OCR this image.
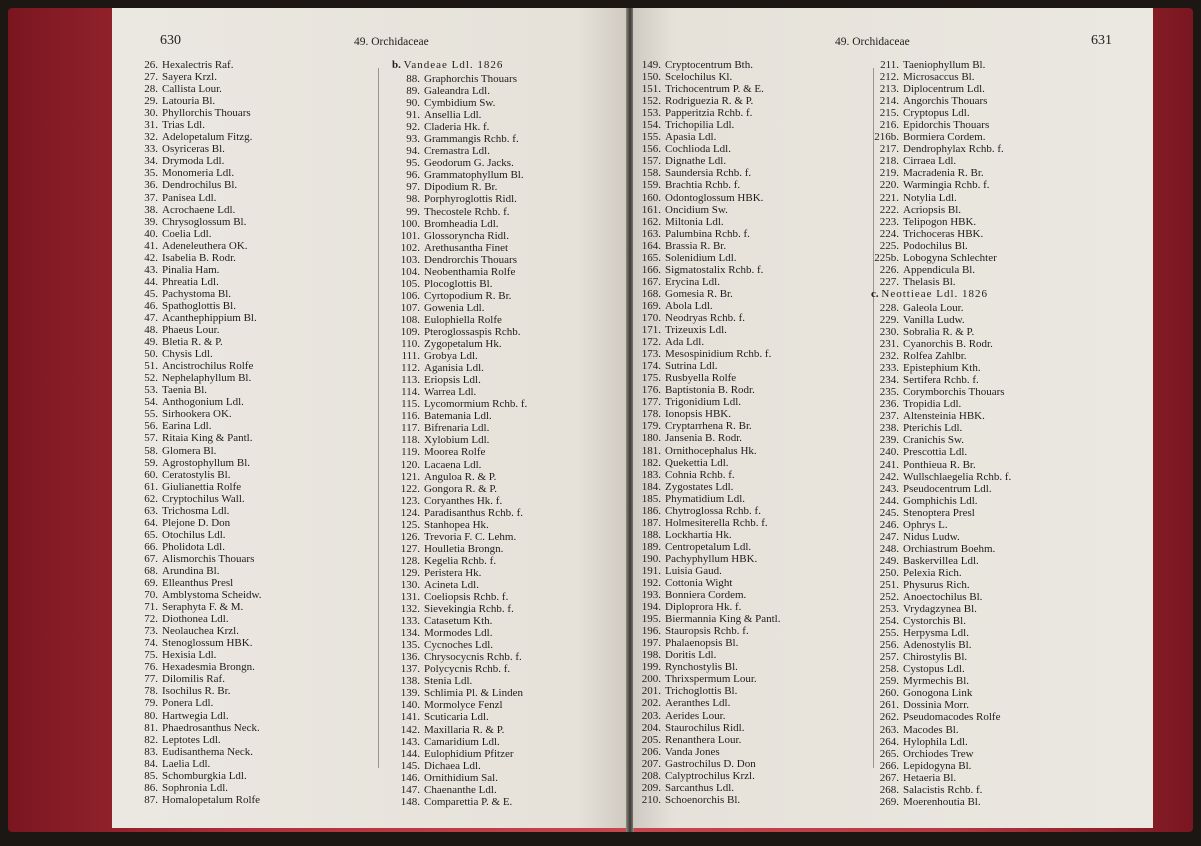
630	49. Orchidaceae
26. Hexalectris Raf.
27. Sayera Krzl.
28. Callista Lour.
29. Latouria Bl.
30. Phyllorchis Thouars
31. Trias Ldl.
32. Adelopetalum Fitzg.
33. Osyriceras Bl.
34. Drymoda Ldl.
35. Monomeria Ldl.
36. Dendrochilus Bl.
37. Panisea Ldl.
38. Acrochaene Ldl.
39. Chrysoglossum Bl.
40. Coelia Ldl.
41. Adeneleuthera OK.
42. Isabelia B. Rodr.
43. Pinalia Ham.
44. Phreatia Ldl.
45. Pachystoma Bl.
46. Spathoglottis Bl.
47. Acanthephippium Bl.
48. Phaeus Lour.
49. Bletia R. & P.
50. Chysis Ldl.
51. Ancistrochilus Rolfe
52. Nephelaphyllum Bl.
53. Taenia Bl.
54. Anthogonium Ldl.
55. Sirhookera OK.
56. Earina Ldl.
57. Ritaia King & Pantl.
58. Glomera Bl.
59. Agrostophyllum Bl.
60. Ceratostylis Bl.
61. Giulianettia Rolfe
62. Cryptochilus Wall.
63. Trichosma Ldl.
64. Plejone D. Don
65. Otochilus Ldl.
66. Pholidota Ldl.
67. Alismorchis Thouars
68. Arundina Bl.
69. Elleanthus Presl
70. Amblystoma Scheidw.
71. Seraphyta F. & M.
72. Diothonea Ldl.
73. Neolauchea Krzl.
74. Stenoglossum HBK.
75. Hexisia Ldl.
76. Hexadesmia Brongn.
77. Dilomilis Raf.
78. Isochilus R. Br.
79. Ponera Ldl.
80. Hartwegia Ldl.
81. Phaedrosanthus Neck.
82. Leptotes Ldl.
83. Eudisanthema Neck.
84. Laelia Ldl.
85. Schomburgkia Ldl.
86. Sophronia Ldl.
87. Homalopetalum Rolfe
b. Vandeae Ldl. 1826
88. Graphorchis Thouars
89. Galeandra Ldl.
90. Cymbidium Sw.
91. Ansellia Ldl.
92. Claderia Hk. f.
93. Grammangis Rchb. f.
94. Cremastra Ldl.
95. Geodorum G. Jacks.
96. Grammatophyllum Bl.
97. Dipodium R. Br.
98. Porphyroglottis Ridl.
99. Thecostele Rchb. f.
100. Bromheadia Ldl.
101. Glossoryncha Ridl.
102. Arethusantha Finet
103. Dendrorchis Thouars
104. Neobenthamia Rolfe
105. Plocoglottis Bl.
106. Cyrtopodium R. Br.
107. Gowenia Ldl.
108. Eulophiella Rolfe
109. Pteroglossaspis Rchb.
110. Zygopetalum Hk.
111. Grobya Ldl.
112. Aganisia Ldl.
113. Eriopsis Ldl.
114. Warrea Ldl.
115. Lycomormium Rchb. f.
116. Batemania Ldl.
117. Bifrenaria Ldl.
118. Xylobium Ldl.
119. Moorea Rolfe
120. Lacaena Ldl.
121. Anguloa R. & P.
122. Gongora R. & P.
123. Coryanthes Hk. f.
124. Paradisanthus Rchb. f.
125. Stanhopea Hk.
126. Trevoria F. C. Lehm.
127. Houlletia Brongn.
128. Kegelia Rchb. f.
129. Peristera Hk.
130. Acineta Ldl.
131. Coeliopsis Rchb. f.
132. Sievekingia Rchb. f.
133. Catasetum Kth.
134. Mormodes Ldl.
135. Cycnoches Ldl.
136. Chrysocycnis Rchb. f.
137. Polycycnis Rchb. f.
138. Stenia Ldl.
139. Schlimia Pl. & Linden
140. Mormolyce Fenzl
141. Scuticaria Ldl.
142. Maxillaria R. & P.
143. Camaridium Ldl.
144. Eulophidium Pfitzer
145. Dichaea Ldl.
146. Ornithidium Sal.
147. Chaenanthe Ldl.
148. Comparettia P. & E.
631
49. Orchidaceae
149. Cryptocentrum Bth.
150. Scelochilus Kl.
151. Trichocentrum P. & E.
152. Rodriguezia R. & P.
153. Papperitzia Rchb. f.
154. Trichopilia Ldl.
155. Apasia Ldl.
156. Cochlioda Ldl.
157. Dignathe Ldl.
158. Saundersia Rchb. f.
159. Brachtia Rchb. f.
160. Odontoglossum HBK.
161. Oncidium Sw.
162. Miltonia Ldl.
163. Palumbina Rchb. f.
164. Brassia R. Br.
165. Solenidium Ldl.
166. Sigmatostalix Rchb. f.
167. Erycina Ldl.
168. Gomesia R. Br.
169. Abola Ldl.
170. Neodryas Rchb. f.
171. Trizeuxis Ldl.
172. Ada Ldl.
173. Mesospinidium Rchb. f.
174. Sutrina Ldl.
175. Rusbyella Rolfe
176. Baptistonia B. Rodr.
177. Trigonidium Ldl.
178. Ionopsis HBK.
179. Cryptarrhena R. Br.
180. Jansenia B. Rodr.
181. Ornithocephalus Hk.
182. Quekettia Ldl.
183. Cohnia Rchb. f.
184. Zygostates Ldl.
185. Phymatidium Ldl.
186. Chytroglossa Rchb. f.
187. Holmesiterella Rchb. f.
188. Lockhartia Hk.
189. Centropetalum Ldl.
190. Pachyphyllum HBK.
191. Luisia Gaud.
192. Cottonia Wight
193. Bonniera Cordem.
194. Diploprora Hk. f.
195. Biermannia King & Pantl.
196. Stauropsis Rchb. f.
197. Phalaenopsis Bl.
198. Doritis Ldl.
199. Rynchostylis Bl.
200. Thrixspermum Lour.
201. Trichoglottis Bl.
202. Aeranthes Ldl.
203. Aerides Lour.
204. Staurochilus Ridl.
205. Renanthera Lour.
206. Vanda Jones
207. Gastrochilus D. Don
208. Calyptrochilus Krzl.
209. Sarcanthus Ldl.
210. Schoenorchis Bl.
211. Taeniophyllum Bl.
212. Microsaccus Bl.
213. Diplocentrum Ldl.
214. Angorchis Thouars
215. Cryptopus Ldl.
216. Epidorchis Thouars
216b. Bormiera Cordem.
217. Dendrophylax Rchb. f.
218. Cirraea Ldl.
219. Macradenia R. Br.
220. Warmingia Rchb. f.
221. Notylia Ldl.
222. Acriopsis Bl.
223. Telipogon HBK.
224. Trichoceras HBK.
225. Podochilus Bl.
225b. Lobogyna Schlechter
226. Appendicula Bl.
227. Thelasis Bl.
c. Neottieae Ldl. 1826
228. Galeola Lour.
229. Vanilla Ludw.
230. Sobralia R. & P.
231. Cyanorchis B. Rodr.
232. Rolfea Zahlbr.
233. Epistephium Kth.
234. Sertifera Rchb. f.
235. Corymborchis Thouars
236. Tropidia Ldl.
237. Altensteinia HBK.
238. Pterichis Ldl.
239. Cranichis Sw.
240. Prescottia Ldl.
241. Ponthieua R. Br.
242. Wullschlaegelia Rchb. f.
243. Pseudocentrum Ldl.
244. Gomphichis Ldl.
245. Stenoptera Presl
246. Ophrys L.
247. Nidus Ludw.
248. Orchiastrum Boehm.
249. Baskervillea Ldl.
250. Pelexia Rich.
251. Physurus Rich.
252. Anoectochilus Bl.
253. Vrydagzynea Bl.
254. Cystorchis Bl.
255. Herpysma Ldl.
256. Adenostylis Bl.
257. Chirostylis Bl.
258. Cystopus Ldl.
259. Myrmechis Bl.
260. Gonogona Link
261. Dossinia Morr.
262. Pseudomacodes Rolfe
263. Macodes Bl.
264. Hylophila Ldl.
265. Orchiodes Trew
266. Lepidogyna Bl.
267. Hetaeria Bl.
268. Salacistis Rchb. f.
269. Moerenhoutia Bl.
